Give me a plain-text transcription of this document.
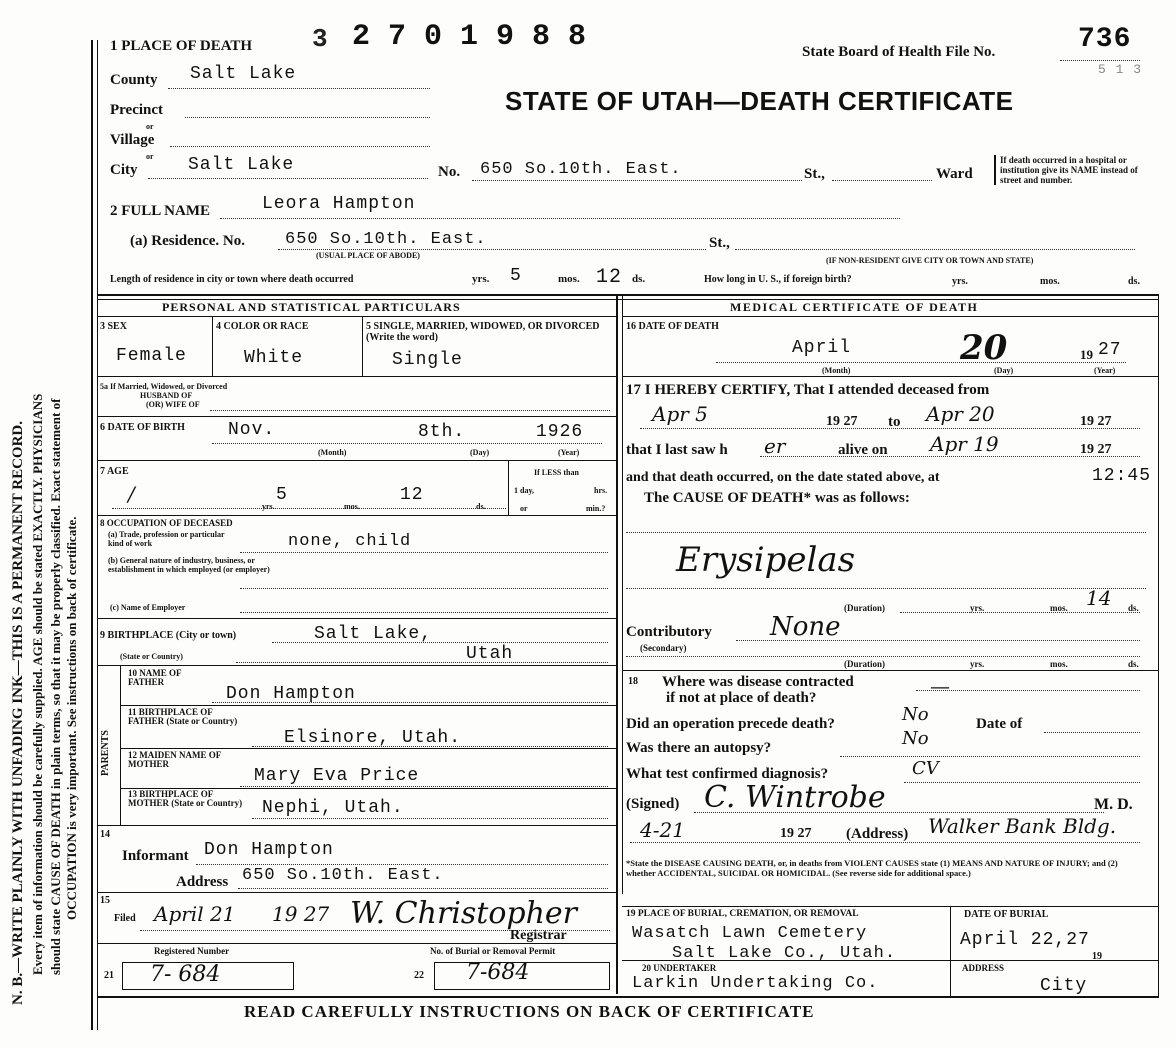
N. B.—WRITE PLAINLY WITH UNFADING INK—THIS IS A PERMANENT RECORD. Every item of information should be carefully supplied. AGE should be stated EXACTLY. PHYSICIANS should state CAUSE OF DEATH in plain terms, so that it may be properly classified. Exact statement of OCCUPATION is very important. See instructions on back of certificate.
1 PLACE OF DEATH 3 2701988	State Board of Health File No.	736
5 1 3
STATE OF UTAH—DEATH CERTIFICATE
County Salt Lake
Precinct
or
Village
or
City	Salt Lake	No. 650 So.10th. East.	St.,	Ward
If death occurred in a hospital or institution give its NAME instead of street and number.
2 FULL NAME	Leora Hampton
(a) Residence. No. 650 So.10th. East.	St.,
(USUAL PLACE OF ABODE)
(IF NON-RESIDENT GIVE CITY OR TOWN AND STATE)
Length of residence in city or town where death occurred	yrs. 5	mos. 12 ds.	How long in U. S., if foreign birth?	yrs.	mos.	ds.
PERSONAL AND STATISTICAL PARTICULARS
3 SEX	4 COLOR OR RACE	5 SINGLE, MARRIED, WIDOWED, OR DIVORCED (Write the word)
Female	White	Single
5a If Married, Widowed, or Divorced
HUSBAND OF
(OR) WIFE OF
6 DATE OF BIRTH Nov.	8th.	1926
(Month)	(Day)	(Year)
7 AGE
/	5	12
yrs.	mos.	ds.
If LESS than
1 day,	hrs.
or	min.?
8 OCCUPATION OF DECEASED
(a) Trade, profession or particular kind of work	none, child
(b) General nature of industry, business, or establishment in which employed (or employer)
(c) Name of Employer
9 BIRTHPLACE (City or town)	Salt Lake,
(State or Country)	Utah
PARENTS
10 NAME OF FATHER
Don Hampton
11 BIRTHPLACE OF FATHER (State or Country)
Elsinore, Utah.
12 MAIDEN NAME OF MOTHER
Mary Eva Price
13 BIRTHPLACE OF MOTHER (State or Country)	Nephi, Utah.
14
Informant Don Hampton
Address 650 So.10th. East.
15
Filed April 21 19 27 W. Christopher
Registrar
Registered Number	No. of Burial or Removal Permit
21 7- 684	22 7-684
MEDICAL CERTIFICATE OF DEATH
16 DATE OF DEATH
April	20	19 27
(Month)	(Day)	(Year)
17 I HEREBY CERTIFY, That I attended deceased from
Apr 5	19 27 to Apr 20	19 27
that I last saw h er	alive on Apr 19	19 27
and that death occurred, on the date stated above, at	12:45
The CAUSE OF DEATH* was as follows:
Erysipelas
(Duration)	yrs.	mos. 14 ds.
Contributory None
(Secondary)
(Duration)	yrs.	mos.	ds.
18 Where was disease contracted
if not at place of death?	—
Did an operation precede death?	No	Date of
Was there an autopsy?	No
What test confirmed diagnosis?	CV
(Signed) C. Wintrobe	M. D.
4-21	19 27 (Address) Walker Bank Bldg.
*State the DISEASE CAUSING DEATH, or, in deaths from VIOLENT CAUSES state (1) MEANS AND NATURE OF INJURY; and (2) whether ACCIDENTAL, SUICIDAL OR HOMICIDAL. (See reverse side for additional space.)
19 PLACE OF BURIAL, CREMATION, OR REMOVAL
Wasatch Lawn Cemetery
Salt Lake Co., Utah.
DATE OF BURIAL
April 22,27
19
20 UNDERTAKER
Larkin Undertaking Co.
ADDRESS
City
READ CAREFULLY INSTRUCTIONS ON BACK OF CERTIFICATE
